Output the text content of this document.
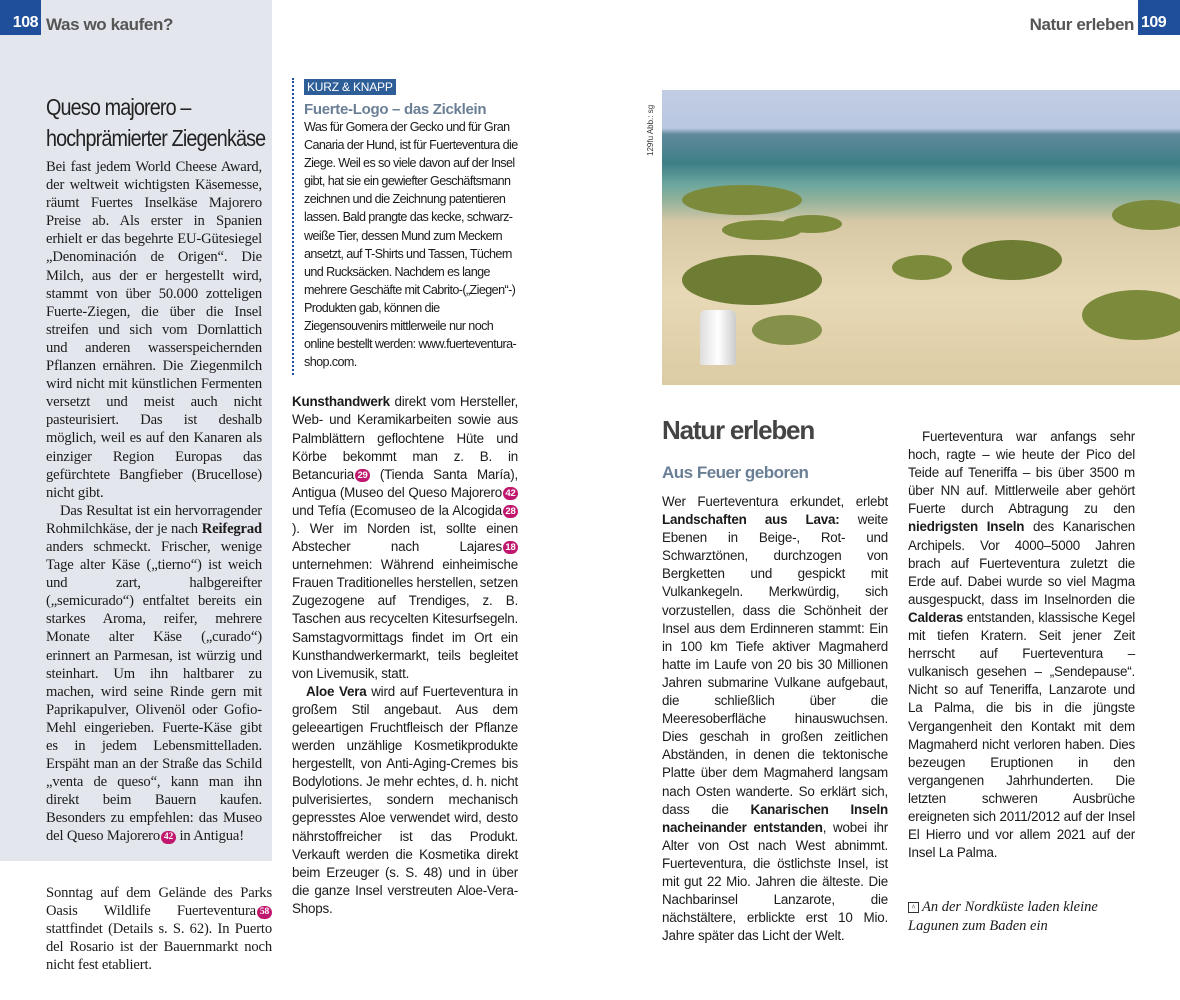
Queso majorero – hochprämierter Ziegenkäse

Bei fast jedem World Cheese Award, der weltweit wichtigsten Käsemesse, räumt Fuertes Inselkäse Majorero Preise ab. Als erster in Spanien erhielt er das begehrte EU-Gütesiegel „Denominación de Origen“. Die Milch, aus der er hergestellt wird, stammt von über 50.000 zotteligen Fuerte-Ziegen, die über die Insel streifen und sich vom Dornlattich und anderen wasserspeichernden Pflanzen ernähren. Die Ziegenmilch wird nicht mit künstlichen Fermenten versetzt und meist auch nicht pasteurisiert. Das ist deshalb möglich, weil es auf den Kanaren als einziger Region Europas das gefürchtete Bangfieber (Brucellose) nicht gibt.

Das Resultat ist ein hervorragender Rohmilchkäse, der je nach Reifegrad anders schmeckt. Frischer, wenige Tage alter Käse („tierno“) ist weich und zart, halbgereifter („semicurado“) entfaltet bereits ein starkes Aroma, reifer, mehrere Monate alter Käse („curado“) erinnert an Parmesan, ist würzig und steinhart. Um ihn haltbarer zu machen, wird seine Rinde gern mit Paprikapulver, Olivenöl oder Gofio-Mehl eingerieben. Fuerte-Käse gibt es in jedem Lebensmittelladen. Erspäht man an der Straße das Schild „venta de queso“, kann man ihn direkt beim Bauern kaufen. Besonders zu empfehlen: das Museo del Queso Majorero 42 in Antigua!

Sonntag auf dem Gelände des Parks Oasis Wildlife Fuerteventura 58 stattfindet (Details s. S. 62). In Puerto del Rosario ist der Bauernmarkt noch nicht fest etabliert.

108 Was wo kaufen?
KURZ & KNAPP
Fuerte-Logo – das Zicklein
Was für Gomera der Gecko und für Gran Canaria der Hund, ist für Fuerteventura die Ziege. Weil es so viele davon auf der Insel gibt, hat sie ein gewiefter Geschäftsmann zeichnen und die Zeichnung patentieren lassen. Bald prangte das kecke, schwarz-weiße Tier, dessen Mund zum Meckern ansetzt, auf T-Shirts und Tassen, Tüchern und Rucksäcken. Nachdem es lange mehrere Geschäfte mit Cabrito-(„Ziegen“-) Produkten gab, können die Ziegensouvenirs mittlerweile nur noch online bestellt werden: www.fuerteventura-shop.com.

Kunsthandwerk direkt vom Hersteller, Web- und Keramikarbeiten sowie aus Palmblättern geflochtene Hüte und Körbe bekommt man z. B. in Betancuria 29 (Tienda Santa María), Antigua (Museo del Queso Majorero 42 und Tefía (Ecomuseo de la Alcogida 28). Wer im Norden ist, sollte einen Abstecher nach Lajares 18 unternehmen: Während einheimische Frauen Traditionelles herstellen, setzen Zugezogene auf Trendiges, z. B. Taschen aus recycelten Kitesurfsegeln. Samstagvormittags findet im Ort ein Kunsthandwerkermarkt, teils begleitet von Livemusik, statt.

Aloe Vera wird auf Fuerteventura in großem Stil angebaut. Aus dem geleeartigen Fruchtfleisch der Pflanze werden unzählige Kosmetikprodukte hergestellt, von Anti-Aging-Cremes bis Bodylotions. Je mehr echtes, d. h. nicht pulverisiertes, sondern mechanisch gepresstes Aloe verwendet wird, desto nährstoffreicher ist das Produkt. Verkauft werden die Kosmetika direkt beim Erzeuger (s. S. 48) und in über die ganze Insel verstreuten Aloe-Vera-Shops.

Natur erleben 109
129fu Abb.: sg
Natur erleben
Aus Feuer geboren

Wer Fuerteventura erkundet, erlebt Landschaften aus Lava: weite Ebenen in Beige-, Rot- und Schwarztönen, durchzogen von Bergketten und gespickt mit Vulkankegeln. Merkwürdig, sich vorzustellen, dass die Schönheit der Insel aus dem Erdinneren stammt: Ein in 100 km Tiefe aktiver Magmaherd hatte im Laufe von 20 bis 30 Millionen Jahren submarine Vulkane aufgebaut, die schließlich über die Meeresoberfläche hinauswuchsen. Dies geschah in großen zeitlichen Abständen, in denen die tektonische Platte über dem Magmaherd langsam nach Osten wanderte. So erklärt sich, dass die Kanarischen Inseln nacheinander entstanden, wobei ihr Alter von Ost nach West abnimmt. Fuerteventura, die östlichste Insel, ist mit gut 22 Mio. Jahren die älteste. Die Nachbarinsel Lanzarote, die nächstältere, erblickte erst 10 Mio. Jahre später das Licht der Welt.

Fuerteventura war anfangs sehr hoch, ragte – wie heute der Pico del Teide auf Teneriffa – bis über 3500 m über NN auf. Mittlerweile aber gehört Fuerte durch Abtragung zu den niedrigsten Inseln des Kanarischen Archipels. Vor 4000–5000 Jahren brach auf Fuerteventura zuletzt die Erde auf. Dabei wurde so viel Magma ausgespuckt, dass im Inselnorden die Calderas entstanden, klassische Kegel mit tiefen Kratern. Seit jener Zeit herrscht auf Fuerteventura – vulkanisch gesehen – „Sendepause“. Nicht so auf Teneriffa, Lanzarote und La Palma, die bis in die jüngste Vergangenheit den Kontakt mit dem Magmaherd nicht verloren haben. Dies bezeugen Eruptionen in den vergangenen Jahrhunderten. Die letzten schweren Ausbrüche ereigneten sich 2011/2012 auf der Insel El Hierro und vor allem 2021 auf der Insel La Palma.

^ An der Nordküste laden kleine Lagunen zum Baden ein
